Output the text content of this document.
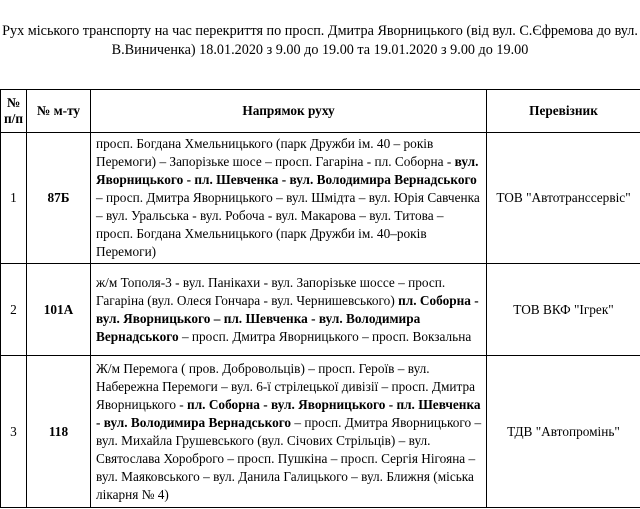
Рух міського транспорту на час перекриття по просп. Дмитра Яворницького (від вул. С.Єфремова до вул.
В.Виниченка) 18.01.2020 з 9.00 до 19.00 та 19.01.2020 з 9.00 до 19.00
№
п/п	№ м-ту	Напрямок руху	Перевізник
1	87Б	просп. Богдана Хмельницького (парк Дружби ім. 40 – років Перемоги) – Запорізьке шосе – просп. Гагаріна - пл. Соборна - вул. Яворницького - пл. Шевченка - вул. Володимира Вернадського – просп. Дмитра Яворницького – вул. Шмідта – вул. Юрія Савченка – вул. Уральська - вул. Робоча - вул. Макарова – вул. Титова – просп. Богдана Хмельницького (парк Дружби ім. 40–років Перемоги)	ТОВ "Автотранссервіс"
2	101А	ж/м Тополя-3 - вул. Панікахи - вул. Запорізьке шоссе – просп. Гагаріна (вул. Олеся Гончара - вул. Чернишевського) пл. Соборна - вул. Яворницького – пл. Шевченка - вул. Володимира Вернадського – просп. Дмитра Яворницького – просп. Вокзальна	ТОВ ВКФ "Ігрек"
3	118	Ж/м Перемога ( пров. Добровольців) – просп. Героїв – вул. Набережна Перемоги – вул. 6-ї стрілецької дивізії – просп. Дмитра Яворницького - пл. Соборна - вул. Яворницького - пл. Шевченка - вул. Володимира Вернадського – просп. Дмитра Яворницького – вул. Михайла Грушевського (вул. Січових Стрільців) – вул. Святослава Хороброго – просп. Пушкіна – просп. Сергія Нігояна – вул. Маяковського – вул. Данила Галицького – вул. Ближня (міська лікарня № 4)	ТДВ "Автопромінь"
